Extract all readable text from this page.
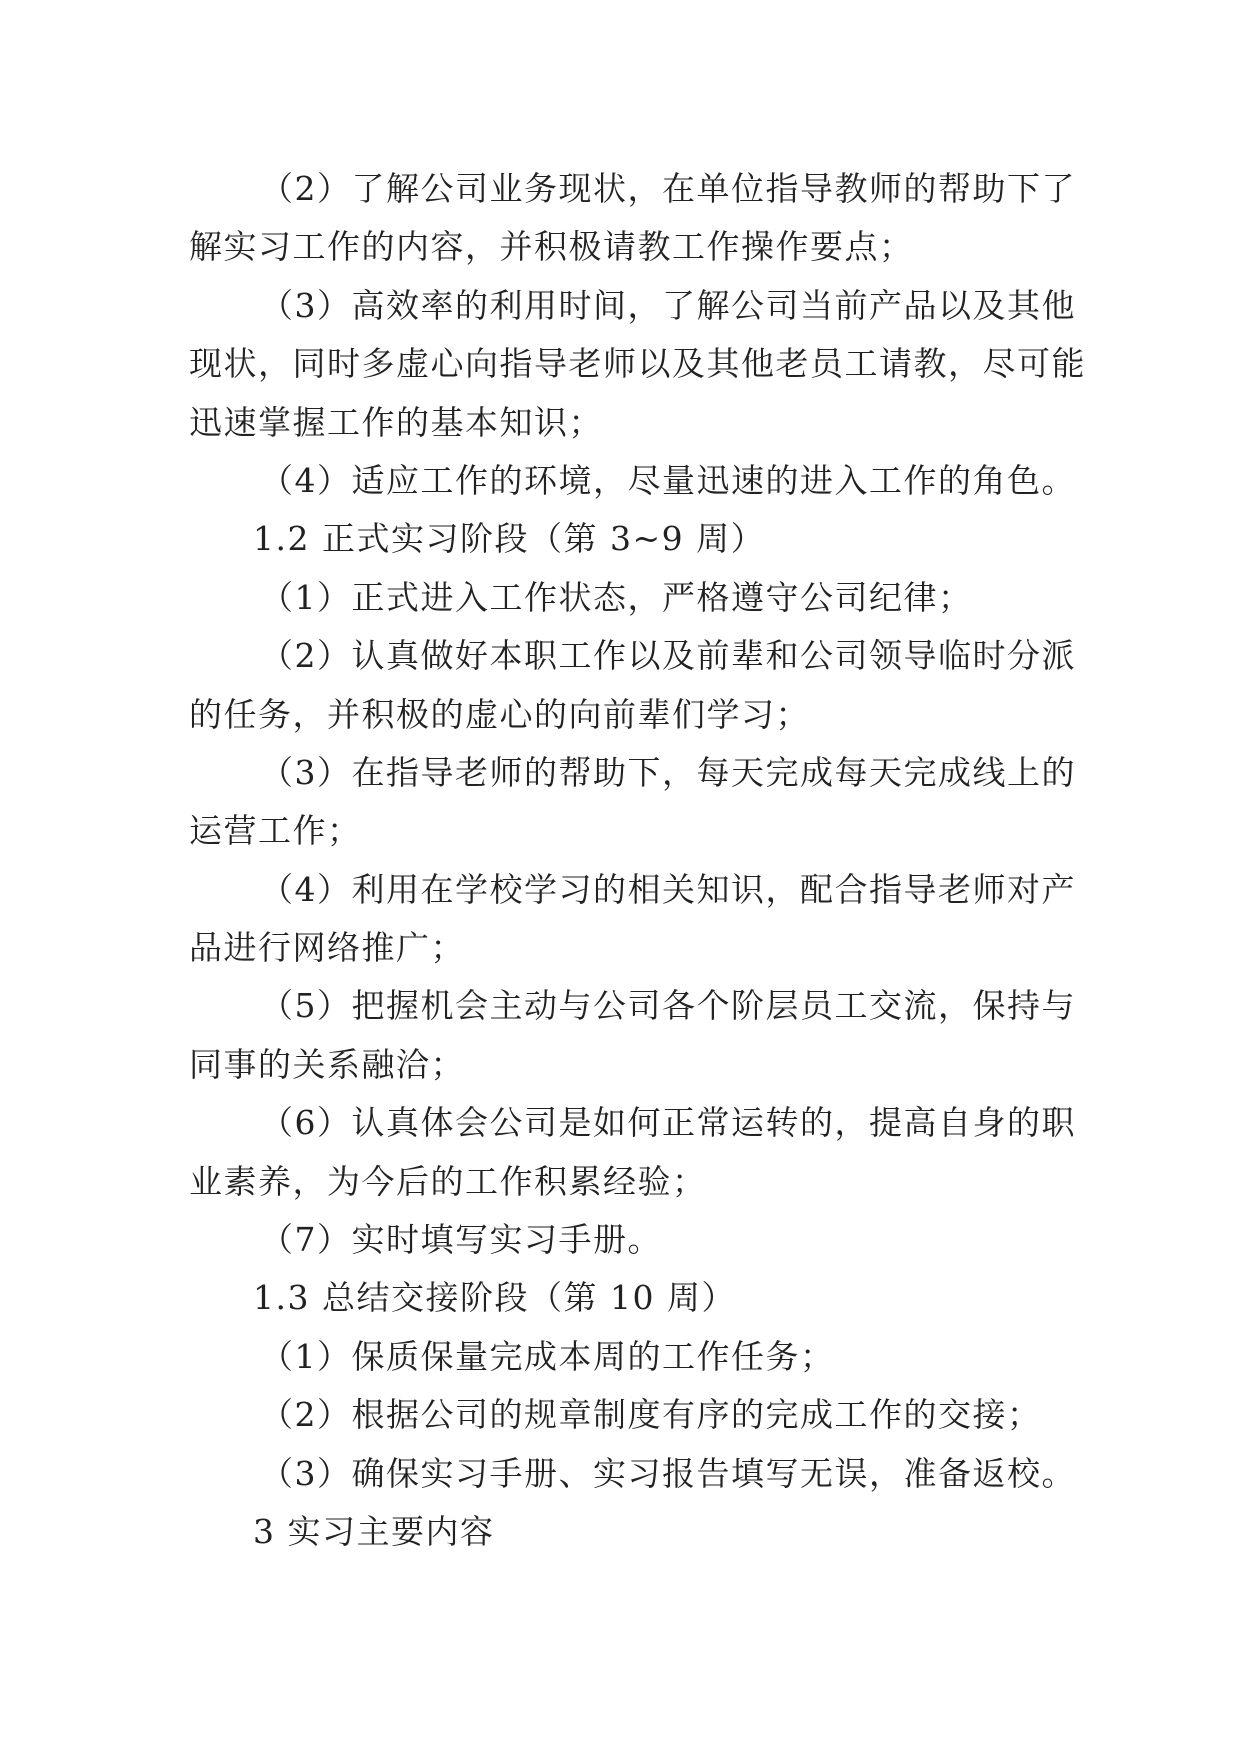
（2）了解公司业务现状，在单位指导教师的帮助下了
解实习工作的内容，并积极请教工作操作要点；
（3）高效率的利用时间，了解公司当前产品以及其他
现状，同时多虚心向指导老师以及其他老员工请教，尽可能
迅速掌握工作的基本知识；
（4）适应工作的环境，尽量迅速的进入工作的角色。
1.2 正式实习阶段（第 3~9 周）
（1）正式进入工作状态，严格遵守公司纪律；
（2）认真做好本职工作以及前辈和公司领导临时分派
的任务，并积极的虚心的向前辈们学习；
（3）在指导老师的帮助下，每天完成每天完成线上的
运营工作；
（4）利用在学校学习的相关知识，配合指导老师对产
品进行网络推广；
（5）把握机会主动与公司各个阶层员工交流，保持与
同事的关系融洽；
（6）认真体会公司是如何正常运转的，提高自身的职
业素养，为今后的工作积累经验；
（7）实时填写实习手册。
1.3 总结交接阶段（第 10 周）
（1）保质保量完成本周的工作任务；
（2）根据公司的规章制度有序的完成工作的交接；
（3）确保实习手册、实习报告填写无误，准备返校。
3 实习主要内容
